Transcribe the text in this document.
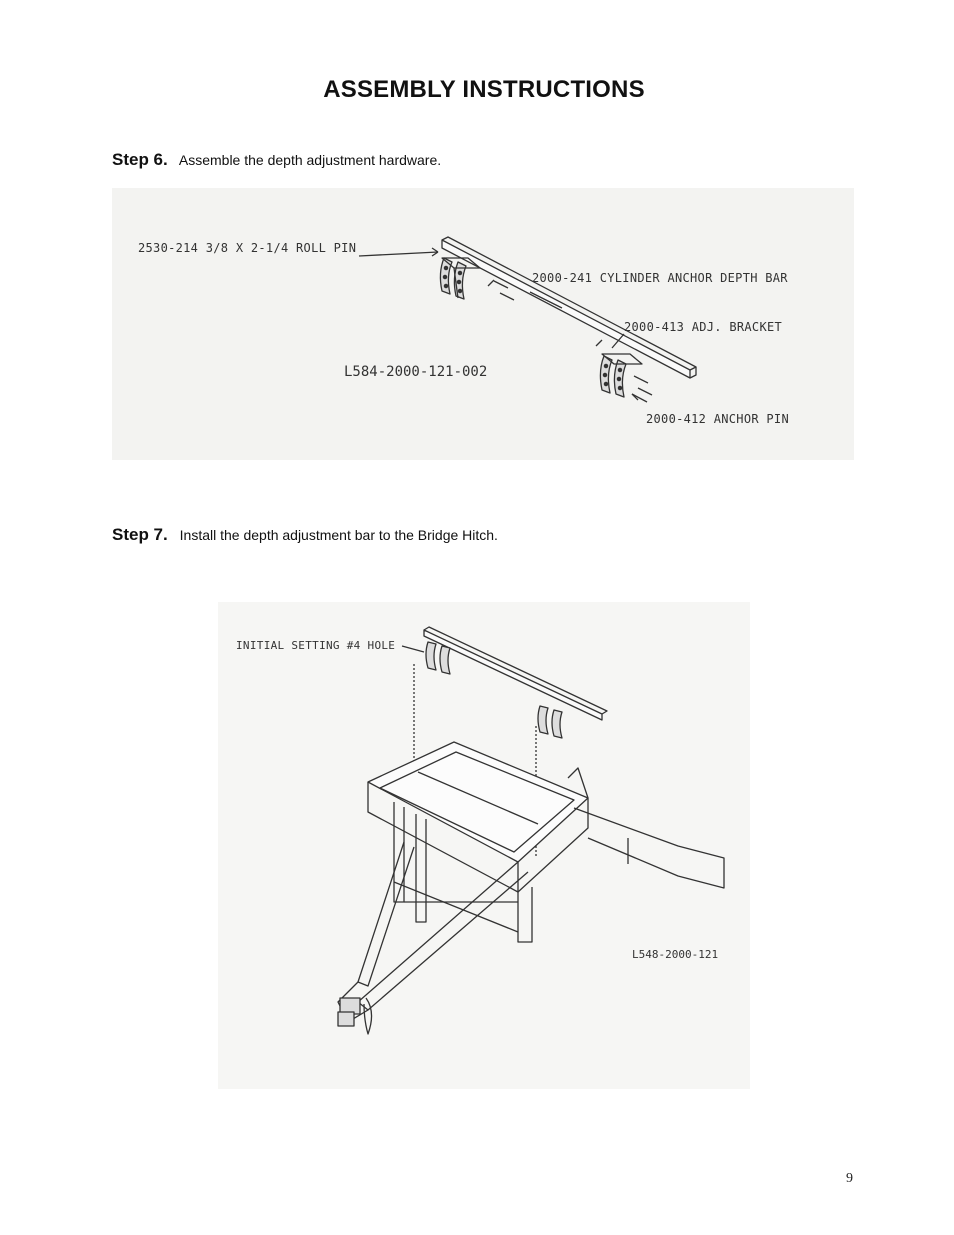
ASSEMBLY INSTRUCTIONS
Step 6. Assemble the depth adjustment hardware.
2530-214 3/8 X 2-1/4 ROLL PIN
2000-241 CYLINDER ANCHOR DEPTH BAR
2000-413 ADJ. BRACKET
2000-412 ANCHOR PIN
L584-2000-121-002
Step 7. Install the depth adjustment bar to the Bridge Hitch.
INITIAL SETTING #4 HOLE
L548-2000-121
9
